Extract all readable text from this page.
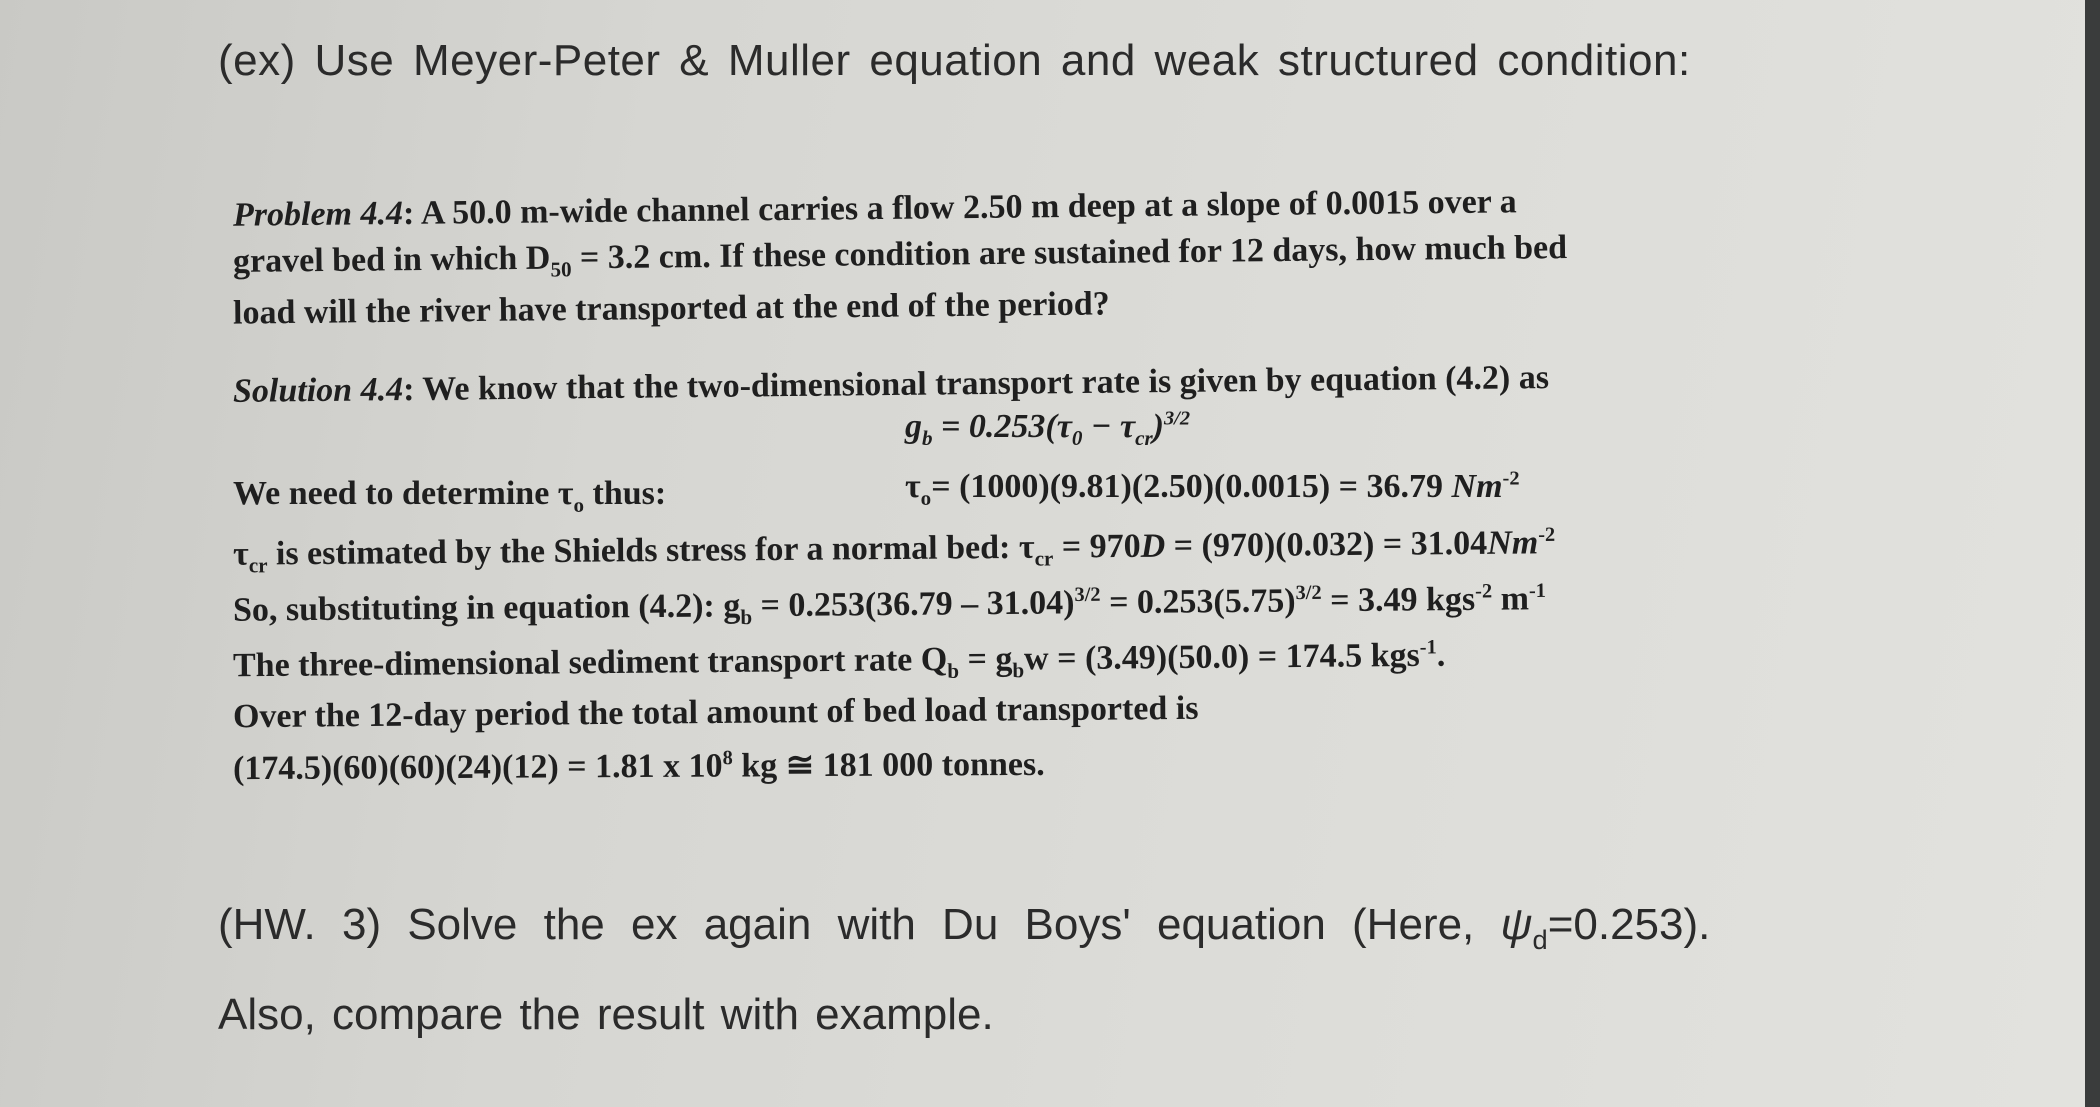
(ex) Use Meyer-Peter & Muller equation and weak structured condition:
Problem 4.4: A 50.0 m-wide channel carries a flow 2.50 m deep at a slope of 0.0015 over a
gravel bed in which $D_{50} = 3.2$ cm. If these condition are sustained for 12 days, how much bed
load will the river have transported at the end of the period?
Solution 4.4: We know that the two-dimensional transport rate is given by equation (4.2) as
$g_b = 0.253(\tau_0 - \tau_{cr})^{3/2}$
We need to determine $\tau_o$ thus:	$\tau_o= (1000)(9.81)(2.50)(0.0015) = 36.79$ $Nm^{-2}$
$\tau_{cr}$ is estimated by the Shields stress for a normal bed: $\tau_{cr} = 970D = (970)(0.032) = 31.04Nm^{-2}$
So, substituting in equation (4.2): $g_b = 0.253(36.79 - 31.04)^{3/2} = 0.253(5.75)^{3/2} = 3.49$ kgs$^{-2}$ $m^{-1}$
The three-dimensional sediment transport rate $Q_b = g_bw = (3.49)(50.0) = 174.5$ kgs$^{-1}$.
Over the 12-day period the total amount of bed load transported is
(174.5)(60)(60)(24)(12) = 1.81 x $10^8$ kg ≅ 181 000 tonnes.
(HW. 3) Solve the ex again with Du Boys' equation (Here, $\psi_d=0.253$).
Also, compare the result with example.
